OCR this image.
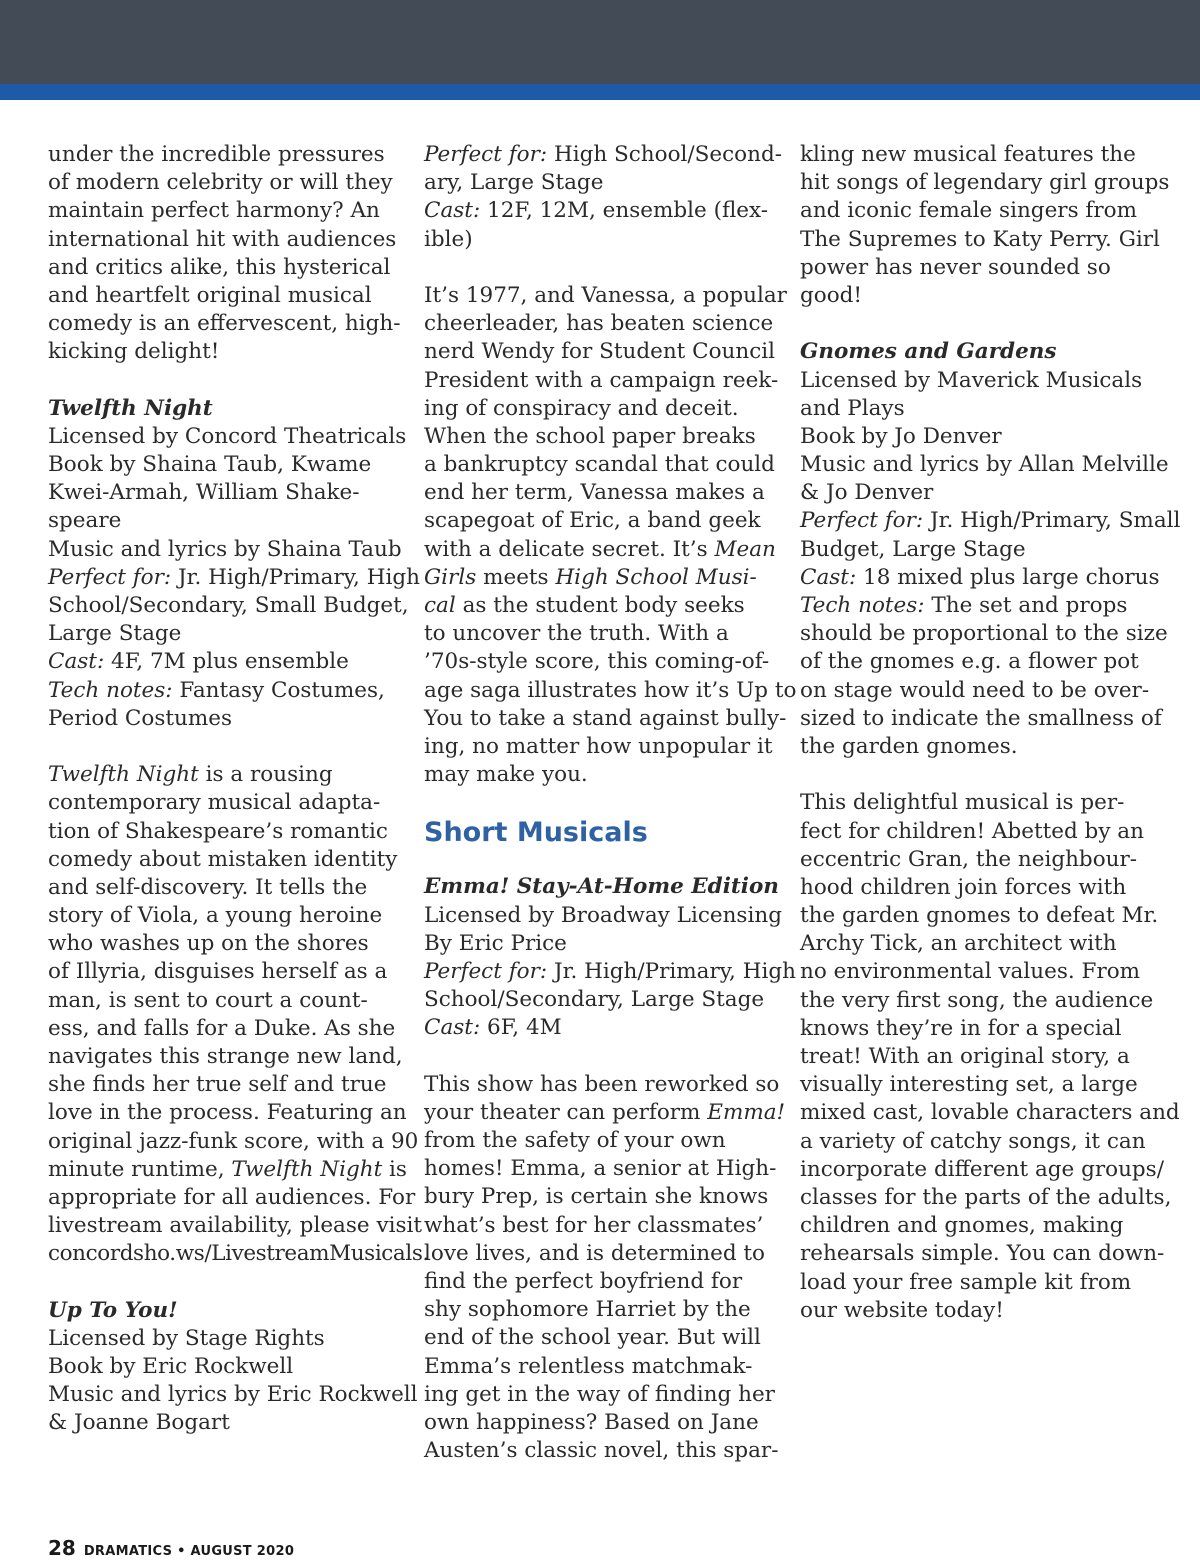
under the incredible pressures
of modern celebrity or will they
maintain perfect harmony? An
international hit with audiences
and critics alike, this hysterical
and heartfelt original musical
comedy is an effervescent, high-
kicking delight!
Twelfth Night
Licensed by Concord Theatricals
Book by Shaina Taub, Kwame
Kwei-Armah, William Shake-
speare
Music and lyrics by Shaina Taub
Perfect for: Jr. High/Primary, High
School/Secondary, Small Budget,
Large Stage
Cast: 4F, 7M plus ensemble
Tech notes: Fantasy Costumes,
Period Costumes
Twelfth Night is a rousing
contemporary musical adapta-
tion of Shakespeare’s romantic
comedy about mistaken identity
and self-discovery. It tells the
story of Viola, a young heroine
who washes up on the shores
of Illyria, disguises herself as a
man, is sent to court a count-
ess, and falls for a Duke. As she
navigates this strange new land,
she finds her true self and true
love in the process. Featuring an
original jazz-funk score, with a 90
minute runtime, Twelfth Night is
appropriate for all audiences. For
livestream availability, please visit
concordsho.ws/LivestreamMusicals.
Up To You!
Licensed by Stage Rights
Book by Eric Rockwell
Music and lyrics by Eric Rockwell
& Joanne Bogart
Perfect for: High School/Second-
ary, Large Stage
Cast: 12F, 12M, ensemble (flex-
ible)
It’s 1977, and Vanessa, a popular
cheerleader, has beaten science
nerd Wendy for Student Council
President with a campaign reek-
ing of conspiracy and deceit.
When the school paper breaks
a bankruptcy scandal that could
end her term, Vanessa makes a
scapegoat of Eric, a band geek
with a delicate secret. It’s Mean
Girls meets High School Musi-
cal as the student body seeks
to uncover the truth. With a
’70s-style score, this coming-of-
age saga illustrates how it’s Up to
You to take a stand against bully-
ing, no matter how unpopular it
may make you.
Short Musicals
Emma! Stay-At-Home Edition
Licensed by Broadway Licensing
By Eric Price
Perfect for: Jr. High/Primary, High
School/Secondary, Large Stage
Cast: 6F, 4M
This show has been reworked so
your theater can perform Emma!
from the safety of your own
homes! Emma, a senior at High-
bury Prep, is certain she knows
what’s best for her classmates’
love lives, and is determined to
find the perfect boyfriend for
shy sophomore Harriet by the
end of the school year. But will
Emma’s relentless matchmak-
ing get in the way of finding her
own happiness? Based on Jane
Austen’s classic novel, this spar-
kling new musical features the
hit songs of legendary girl groups
and iconic female singers from
The Supremes to Katy Perry. Girl
power has never sounded so
good!
Gnomes and Gardens
Licensed by Maverick Musicals
and Plays
Book by Jo Denver
Music and lyrics by Allan Melville
& Jo Denver
Perfect for: Jr. High/Primary, Small
Budget, Large Stage
Cast: 18 mixed plus large chorus
Tech notes: The set and props
should be proportional to the size
of the gnomes e.g. a flower pot
on stage would need to be over-
sized to indicate the smallness of
the garden gnomes.
This delightful musical is per-
fect for children! Abetted by an
eccentric Gran, the neighbour-
hood children join forces with
the garden gnomes to defeat Mr.
Archy Tick, an architect with
no environmental values. From
the very first song, the audience
knows they’re in for a special
treat! With an original story, a
visually interesting set, a large
mixed cast, lovable characters and
a variety of catchy songs, it can
incorporate different age groups/
classes for the parts of the adults,
children and gnomes, making
rehearsals simple. You can down-
load your free sample kit from
our website today!
28 DRAMATICS • AUGUST 2020
